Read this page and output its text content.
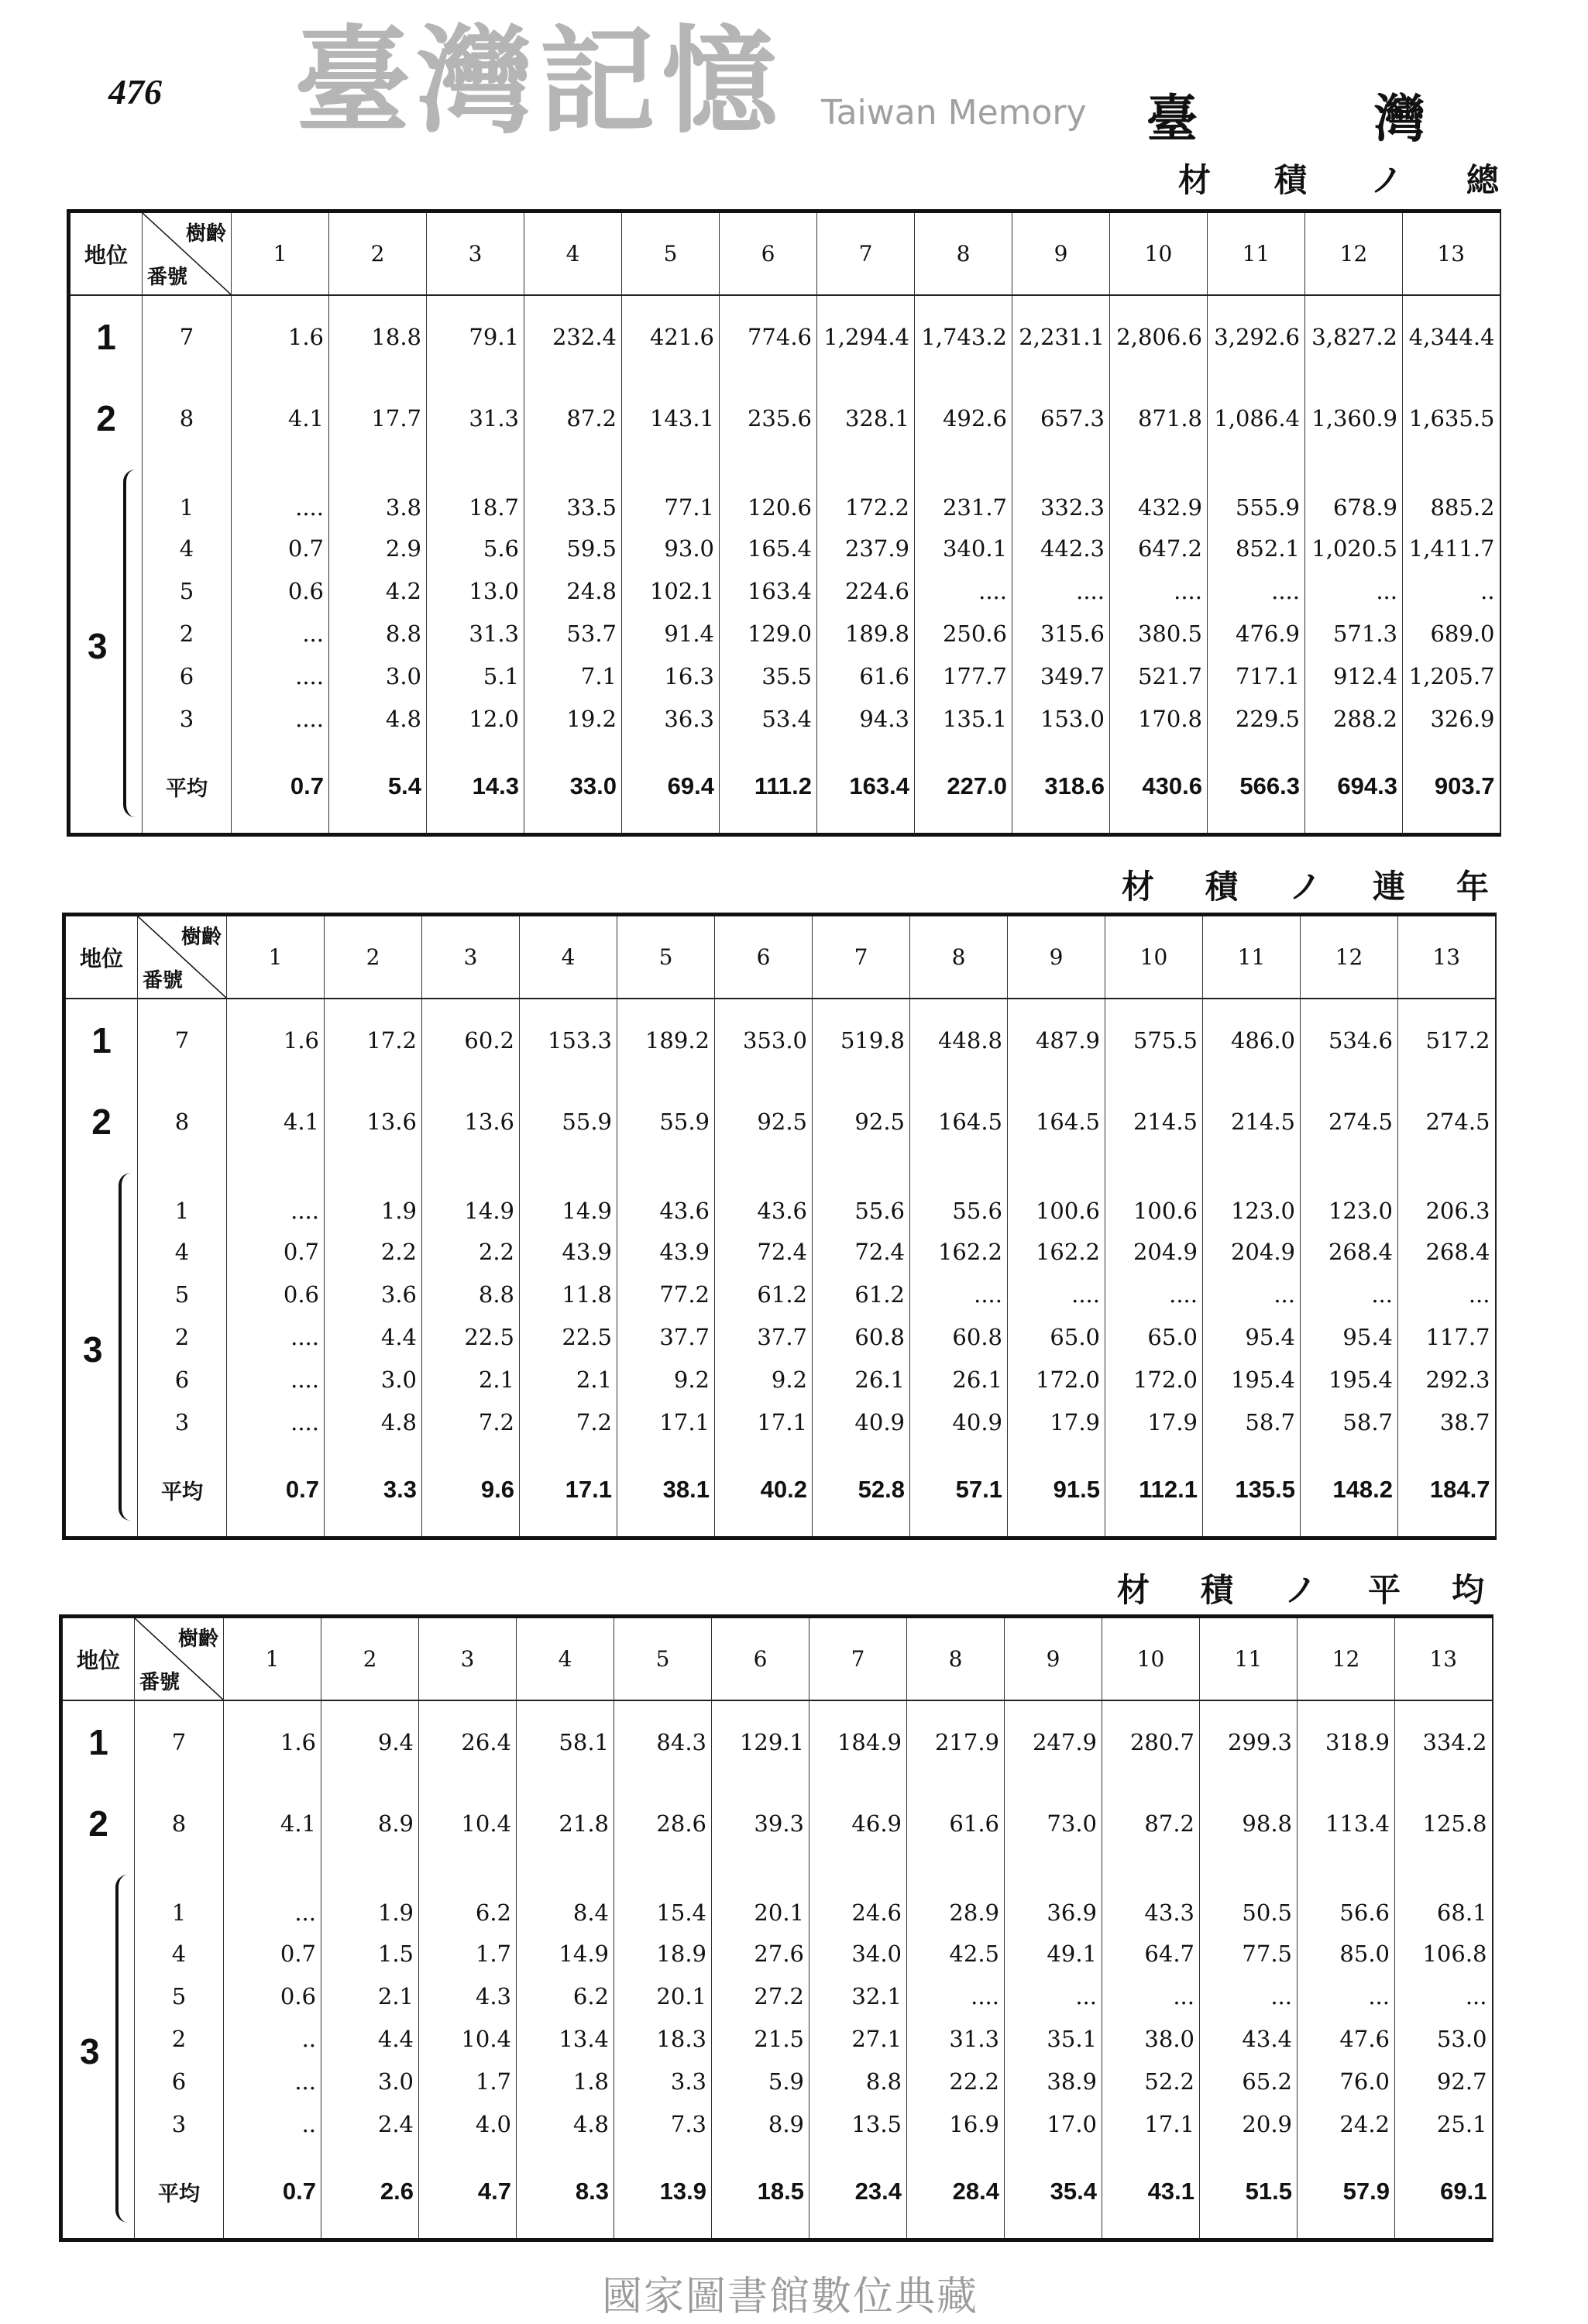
476	臺	灣
臺灣記憶 Taiwan Memory
材積ノ總
地位	樹齡
番號	1	2	3	4	5	6	7	8	9	10	11	12	13
1	7	1.6	18.8	79.1	232.4	421.6	774.6	1,294.4	1,743.2	2,231.1	2,806.6	3,292.6	3,827.2	4,344.4
2	8	4.1	17.7	31.3	87.2	143.1	235.6	328.1	492.6	657.3	871.8	1,086.4	1,360.9	1,635.5

3	1	....	3.8	18.7	33.5	77.1	120.6	172.2	231.7	332.3	432.9	555.9	678.9	885.2
	4	0.7	2.9	5.6	59.5	93.0	165.4	237.9	340.1	442.3	647.2	852.1	1,020.5	1,411.7
	5	0.6	4.2	13.0	24.8	102.1	163.4	224.6	....	....	....	....	...	..
	2	...	8.8	31.3	53.7	91.4	129.0	189.8	250.6	315.6	380.5	476.9	571.3	689.0
	6	....	3.0	5.1	7.1	16.3	35.5	61.6	177.7	349.7	521.7	717.1	912.4	1,205.7
	3	....	4.8	12.0	19.2	36.3	53.4	94.3	135.1	153.0	170.8	229.5	288.2	326.9
	平均	0.7	5.4	14.3	33.0	69.4	111.2	163.4	227.0	318.6	430.6	566.3	694.3	903.7
材積ノ連年
地位	樹齡
番號	1	2	3	4	5	6	7	8	9	10	11	12	13
1	7	1.6	17.2	60.2	153.3	189.2	353.0	519.8	448.8	487.9	575.5	486.0	534.6	517.2
2	8	4.1	13.6	13.6	55.9	55.9	92.5	92.5	164.5	164.5	214.5	214.5	274.5	274.5

3	1	....	1.9	14.9	14.9	43.6	43.6	55.6	55.6	100.6	100.6	123.0	123.0	206.3
	4	0.7	2.2	2.2	43.9	43.9	72.4	72.4	162.2	162.2	204.9	204.9	268.4	268.4
	5	0.6	3.6	8.8	11.8	77.2	61.2	61.2	....	....	....	...	...	...
	2	....	4.4	22.5	22.5	37.7	37.7	60.8	60.8	65.0	65.0	95.4	95.4	117.7
	6	....	3.0	2.1	2.1	9.2	9.2	26.1	26.1	172.0	172.0	195.4	195.4	292.3
	3	....	4.8	7.2	7.2	17.1	17.1	40.9	40.9	17.9	17.9	58.7	58.7	38.7
	平均	0.7	3.3	9.6	17.1	38.1	40.2	52.8	57.1	91.5	112.1	135.5	148.2	184.7
材積ノ平均
地位	樹齡
番號	1	2	3	4	5	6	7	8	9	10	11	12	13
1	7	1.6	9.4	26.4	58.1	84.3	129.1	184.9	217.9	247.9	280.7	299.3	318.9	334.2
2	8	4.1	8.9	10.4	21.8	28.6	39.3	46.9	61.6	73.0	87.2	98.8	113.4	125.8

3	1	...	1.9	6.2	8.4	15.4	20.1	24.6	28.9	36.9	43.3	50.5	56.6	68.1
	4	0.7	1.5	1.7	14.9	18.9	27.6	34.0	42.5	49.1	64.7	77.5	85.0	106.8
	5	0.6	2.1	4.3	6.2	20.1	27.2	32.1	....	...	...	...	...	...
	2	..	4.4	10.4	13.4	18.3	21.5	27.1	31.3	35.1	38.0	43.4	47.6	53.0
	6	...	3.0	1.7	1.8	3.3	5.9	8.8	22.2	38.9	52.2	65.2	76.0	92.7
	3	..	2.4	4.0	4.8	7.3	8.9	13.5	16.9	17.0	17.1	20.9	24.2	25.1
	平均	0.7	2.6	4.7	8.3	13.9	18.5	23.4	28.4	35.4	43.1	51.5	57.9	69.1
國家圖書館數位典藏
